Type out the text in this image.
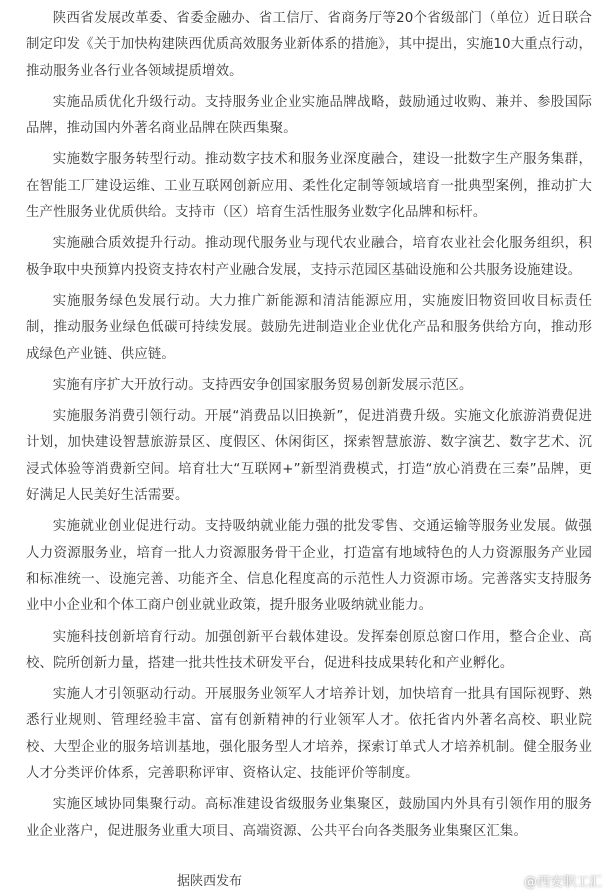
陕西省发展改革委、省委金融办、省工信厅、省商务厅等20个省级部门（单位）近日联合制定印发《关于加快构建陕西优质高效服务业新体系的措施》，其中提出，实施10大重点行动，推动服务业各行业各领域提质增效。

实施品质优化升级行动。支持服务业企业实施品牌战略，鼓励通过收购、兼并、参股国际品牌，推动国内外著名商业品牌在陕西集聚。

实施数字服务转型行动。推动数字技术和服务业深度融合，建设一批数字生产服务集群，在智能工厂建设运维、工业互联网创新应用、柔性化定制等领域培育一批典型案例，推动扩大生产性服务业优质供给。支持市（区）培育生活性服务业数字化品牌和标杆。

实施融合质效提升行动。推动现代服务业与现代农业融合，培育农业社会化服务组织，积极争取中央预算内投资支持农村产业融合发展，支持示范园区基础设施和公共服务设施建设。

实施服务绿色发展行动。大力推广新能源和清洁能源应用，实施废旧物资回收目标责任制，推动服务业绿色低碳可持续发展。鼓励先进制造业企业优化产品和服务供给方向，推动形成绿色产业链、供应链。

实施有序扩大开放行动。支持西安争创国家服务贸易创新发展示范区。

实施服务消费引领行动。开展“消费品以旧换新”，促进消费升级。实施文化旅游消费促进计划，加快建设智慧旅游景区、度假区、休闲街区，探索智慧旅游、数字演艺、数字艺术、沉浸式体验等消费新空间。培育壮大“互联网+”新型消费模式，打造“放心消费在三秦”品牌，更好满足人民美好生活需要。

实施就业创业促进行动。支持吸纳就业能力强的批发零售、交通运输等服务业发展。做强人力资源服务业，培育一批人力资源服务骨干企业，打造富有地域特色的人力资源服务产业园和标准统一、设施完善、功能齐全、信息化程度高的示范性人力资源市场。完善落实支持服务业中小企业和个体工商户创业就业政策，提升服务业吸纳就业能力。

实施科技创新培育行动。加强创新平台载体建设。发挥秦创原总窗口作用，整合企业、高校、院所创新力量，搭建一批共性技术研发平台，促进科技成果转化和产业孵化。

实施人才引领驱动行动。开展服务业领军人才培养计划，加快培育一批具有国际视野、熟悉行业规则、管理经验丰富、富有创新精神的行业领军人才。依托省内外著名高校、职业院校、大型企业的服务培训基地，强化服务型人才培养，探索订单式人才培养机制。健全服务业人才分类评价体系，完善职称评审、资格认定、技能评价等制度。

实施区域协同集聚行动。高标准建设省级服务业集聚区，鼓励国内外具有引领作用的服务业企业落户，促进服务业重大项目、高端资源、公共平台向各类服务业集聚区汇集。

据陕西发布	@西安职工汇
